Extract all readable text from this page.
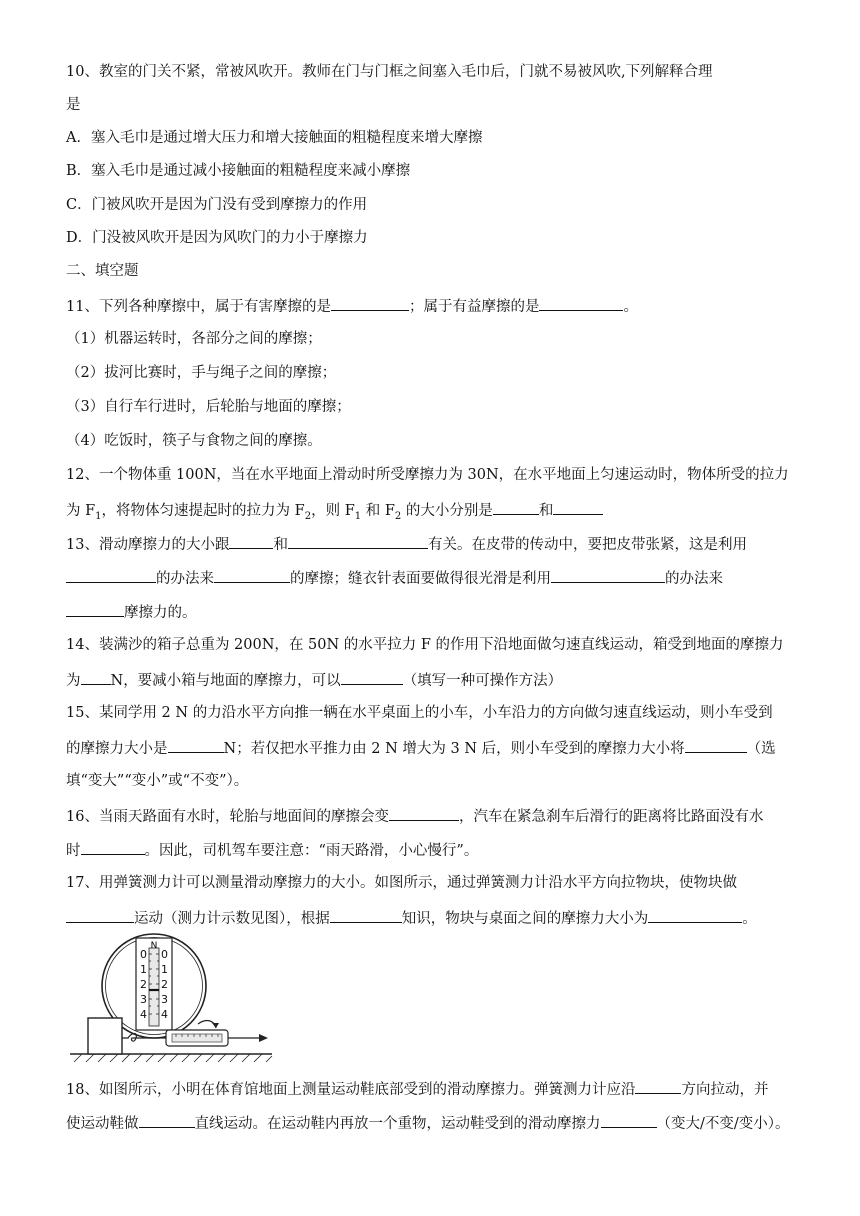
10、教室的门关不紧，常被风吹开。教师在门与门框之间塞入毛巾后，门就不易被风吹,下列解释合理
是
A．塞入毛巾是通过增大压力和增大接触面的粗糙程度来增大摩擦
B．塞入毛巾是通过减小接触面的粗糙程度来减小摩擦
C．门被风吹开是因为门没有受到摩擦力的作用
D．门没被风吹开是因为风吹门的力小于摩擦力
二、填空题
11、下列各种摩擦中，属于有害摩擦的是	；属于有益摩擦的是	。
（1）机器运转时，各部分之间的摩擦；
（2）拔河比赛时，手与绳子之间的摩擦；
（3）自行车行进时，后轮胎与地面的摩擦；
（4）吃饭时，筷子与食物之间的摩擦。
12、一个物体重 100N，当在水平地面上滑动时所受摩擦力为 30N，在水平地面上匀速运动时，物体所受的拉力
为 $F_1$，将物体匀速提起时的拉力为 $F_2$，则 $F_1$ 和 $F_2$ 的大小分别是	和
13、滑动摩擦力的大小跟	和	有关。在皮带的传动中，要把皮带张紧，这是利用
的办法来	的摩擦；缝衣针表面要做得很光滑是利用	的办法来
摩擦力的。
14、装满沙的箱子总重为 200N，在 50N 的水平拉力 F 的作用下沿地面做匀速直线运动，箱受到地面的摩擦力
为 N，要减小箱与地面的摩擦力，可以	（填写一种可操作方法）
15、某同学用 2 N 的力沿水平方向推一辆在水平桌面上的小车，小车沿力的方向做匀速直线运动，则小车受到
的摩擦力大小是	N；若仅把水平推力由 2 N 增大为 3 N 后，则小车受到的摩擦力大小将	（选
填“变大”“变小”或“不变”）。
16、当雨天路面有水时，轮胎与地面间的摩擦会变	，汽车在紧急刹车后滑行的距离将比路面没有水
时	。因此，司机驾车要注意：“雨天路滑，小心慢行”。
17、用弹簧测力计可以测量滑动摩擦力的大小。如图所示，通过弹簧测力计沿水平方向拉物块，使物块做
运动（测力计示数见图），根据	知识，物块与桌面之间的摩擦力大小为	。
N
0
1
2
3
4
0
1
2
3
4
18、如图所示，小明在体育馆地面上测量运动鞋底部受到的滑动摩擦力。弹簧测力计应沿	方向拉动，并
使运动鞋做	直线运动。在运动鞋内再放一个重物，运动鞋受到的滑动摩擦力	（变大/不变/变小）。
